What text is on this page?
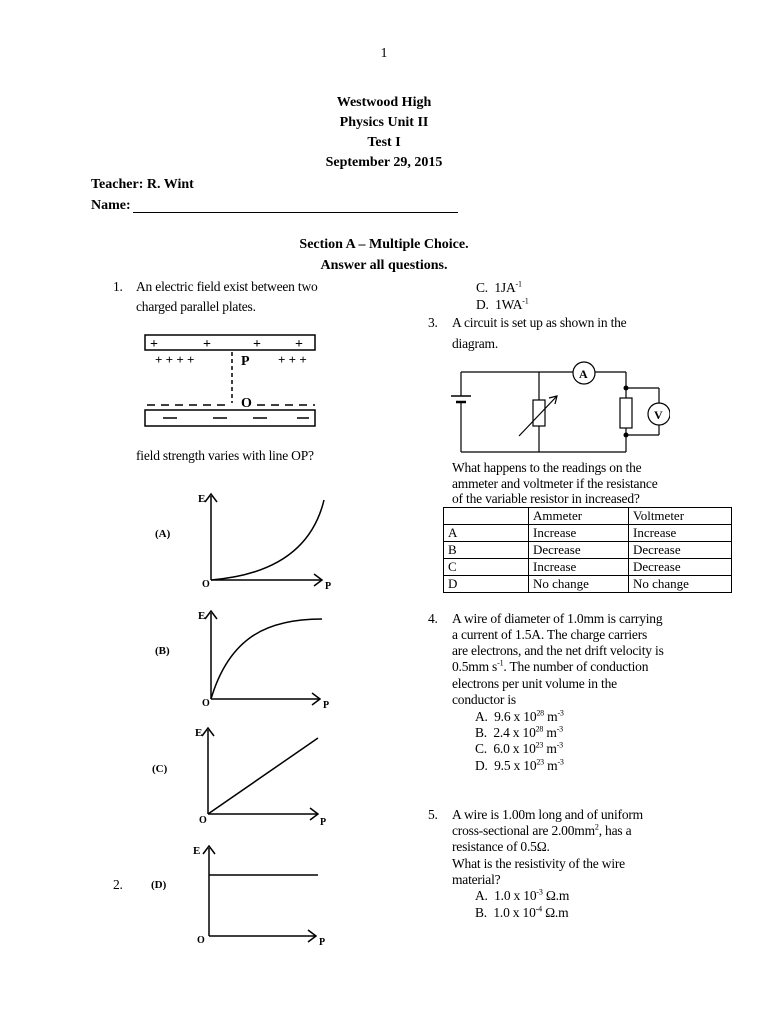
1
Westwood High
Physics Unit II
Test I
September 29, 2015
Teacher: R. Wint
Name:
Section A – Multiple Choice.
Answer all questions.
1. An electric field exist between two
charged parallel plates.
+	+	+ +
+ + + +	+ + +
P
O
field strength varies with line OP?
E
(A)
O	P
E
(B)
O	P
E
(C)
O	P
2.
E
(D)
O	P
C. $1JA^{-1}$
D. $1WA^{-1}$
3. A circuit is set up as shown in the
diagram.
A
V
What happens to the readings on the
ammeter and voltmeter if the resistance
of the variable resistor in increased?
	Ammeter	Voltmeter
A	Increase	Increase
B	Decrease	Decrease
C	Increase	Decrease
D	No change	No change
4. A wire of diameter of 1.0mm is carrying
a current of 1.5A. The charge carriers
are electrons, and the net drift velocity is
0.5mm $s^{-1}$. The number of conduction
electrons per unit volume in the
conductor is
A. 9.6 x $10^{28}$ $m^{-3}$
B. 2.4 x $10^{28}$ $m^{-3}$
C. 6.0 x $10^{23}$ $m^{-3}$
D. 9.5 x $10^{23}$ $m^{-3}$
5. A wire is 1.00m long and of uniform
cross-sectional are $2.00mm^2$, has a
resistance of 0.5Ω.
What is the resistivity of the wire
material?
A. 1.0 x $10^{-3}$ Ω.m
B. 1.0 x $10^{-4}$ Ω.m
